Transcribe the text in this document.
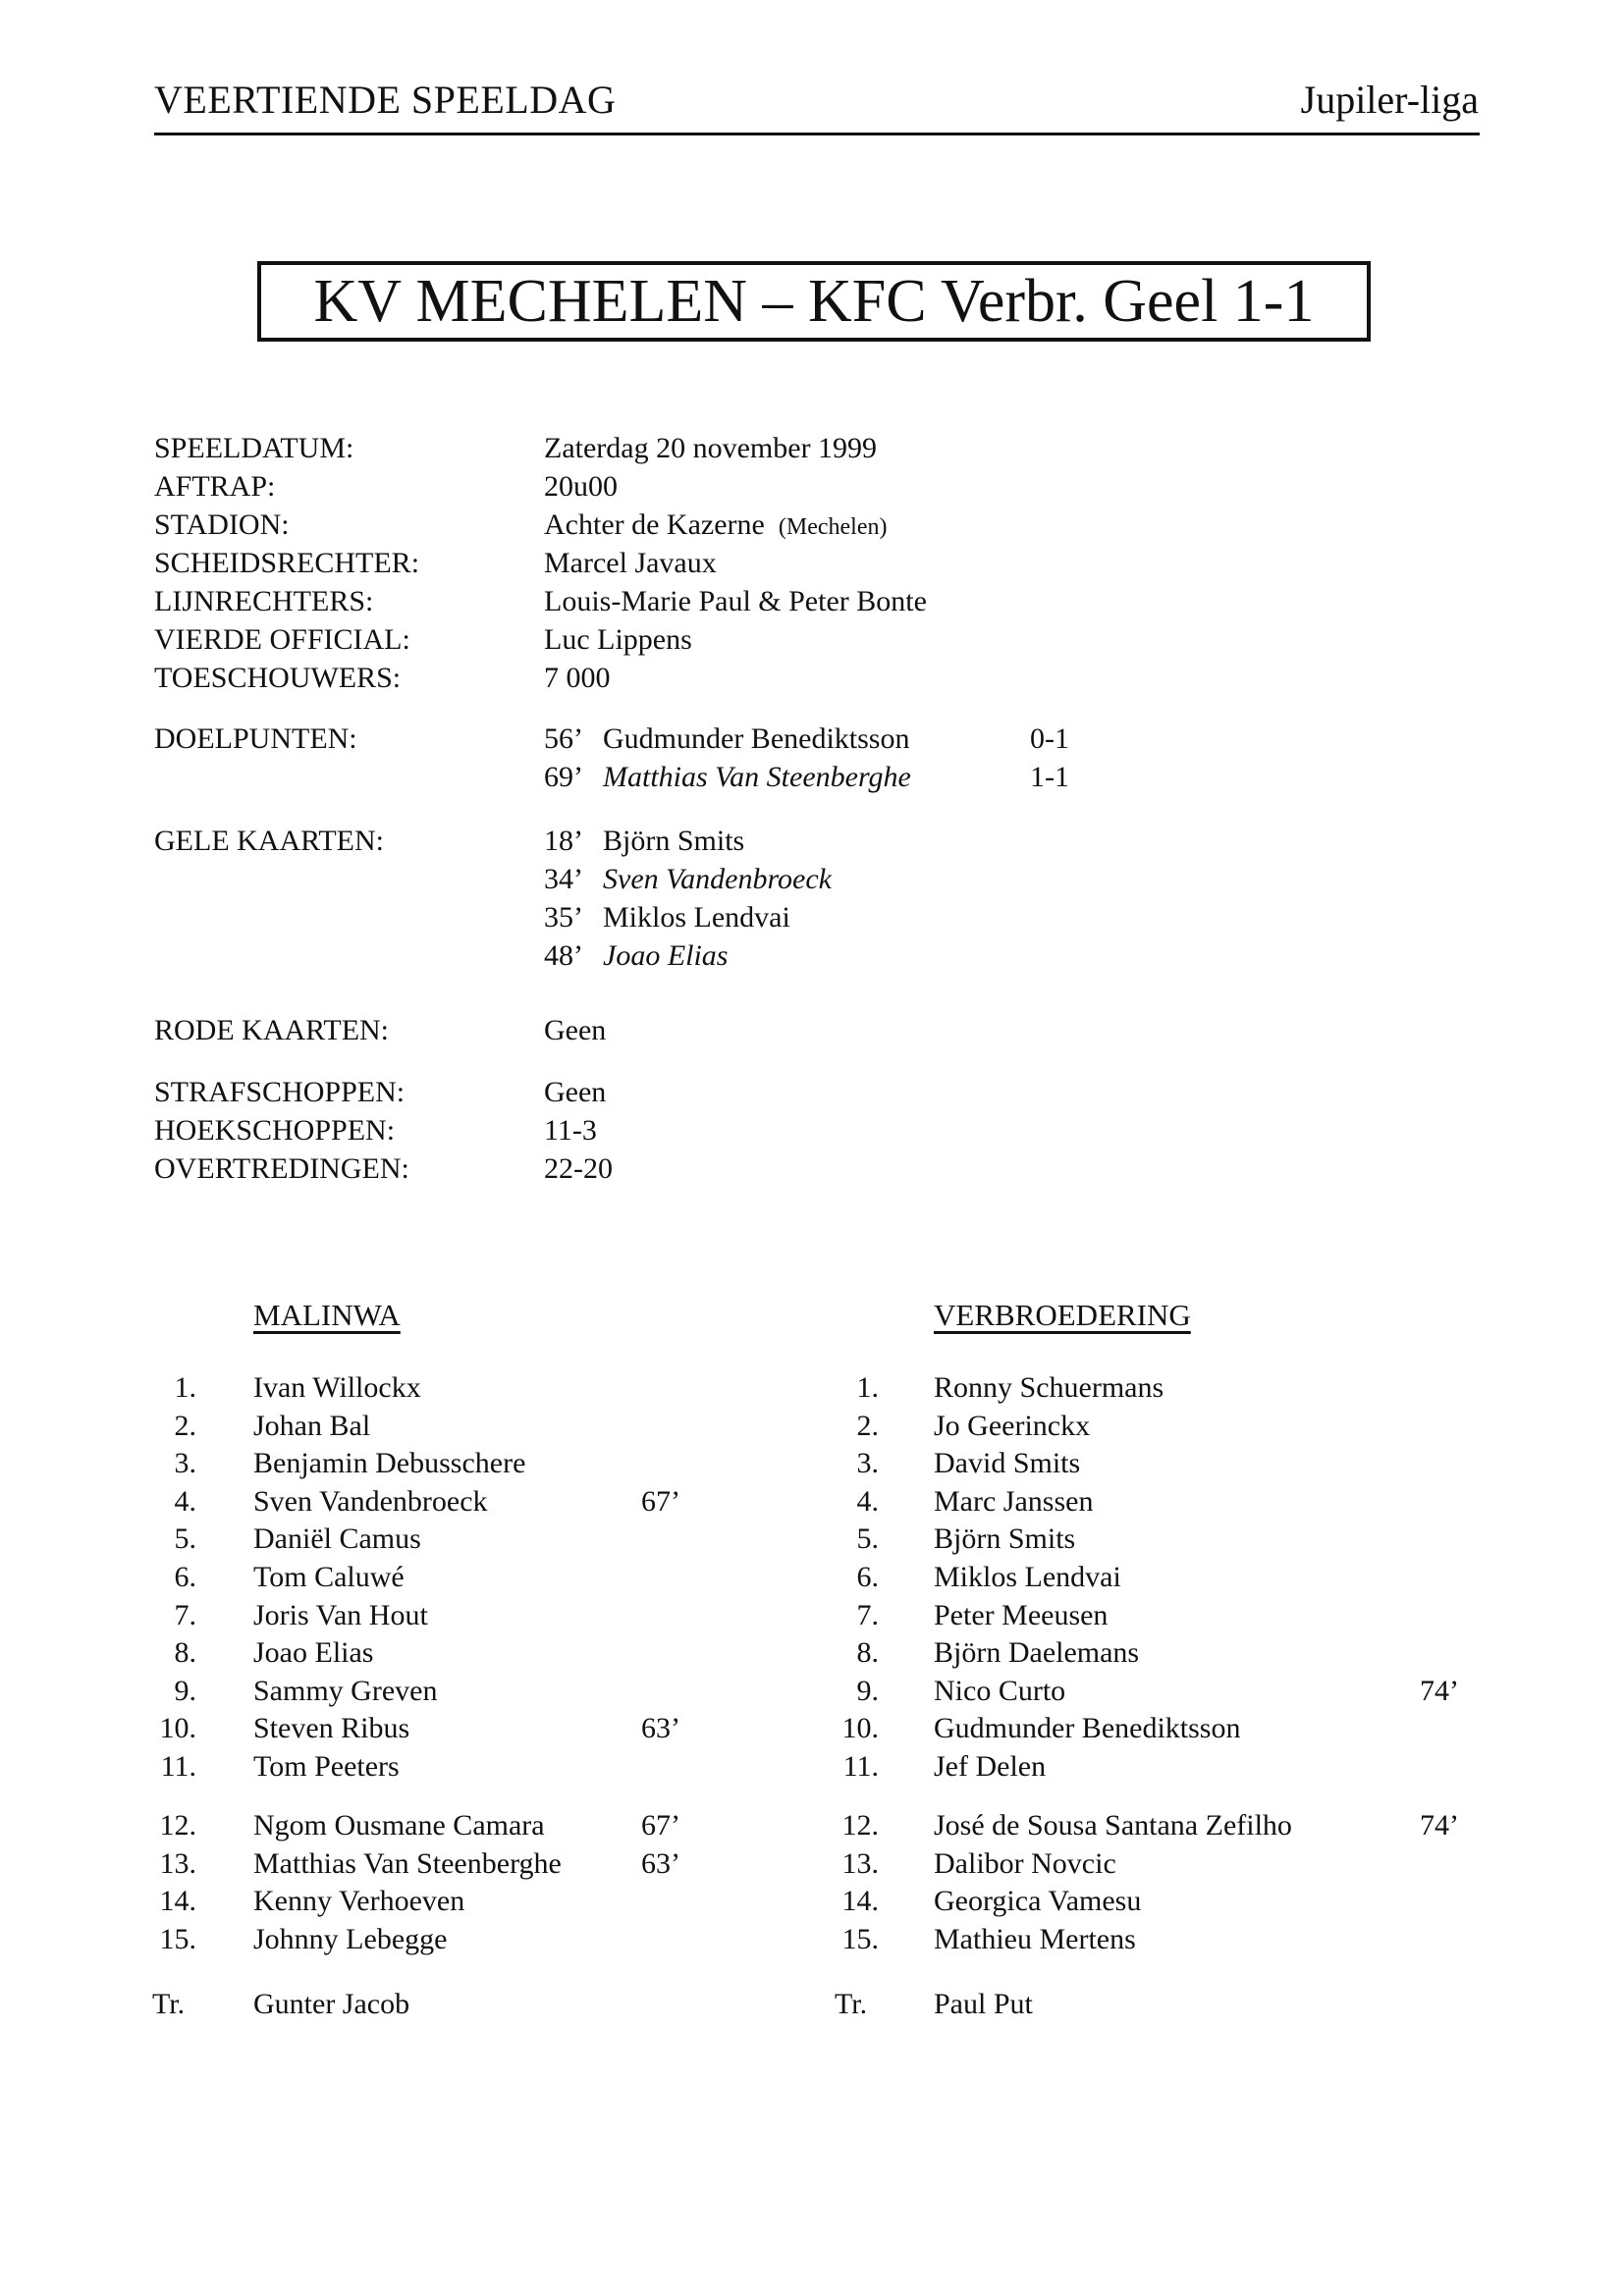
VEERTIENDE SPEELDAG	Jupiler-liga
KV MECHELEN – KFC Verbr. Geel 1-1
SPEELDATUM:	Zaterdag 20 november 1999
AFTRAP:	20u00
STADION:	Achter de Kazerne (Mechelen)
SCHEIDSRECHTER:	Marcel Javaux
LIJNRECHTERS:	Louis-Marie Paul & Peter Bonte
VIERDE OFFICIAL:	Luc Lippens
TOESCHOUWERS:	7 000
DOELPUNTEN:	56’ Gudmunder Benediktsson	0-1
69’ Matthias Van Steenberghe	1-1
GELE KAARTEN:	18’ Björn Smits
34’ Sven Vandenbroeck
35’ Miklos Lendvai
48’ Joao Elias
RODE KAARTEN:	Geen
STRAFSCHOPPEN:	Geen
HOEKSCHOPPEN:	11-3
OVERTREDINGEN:	22-20
MALINWA	VERBROEDERING
1. Ivan Willockx
2. Johan Bal
3. Benjamin Debusschere
4. Sven Vandenbroeck	67’
5. Daniël Camus
6. Tom Caluwé
7. Joris Van Hout
8. Joao Elias
9. Sammy Greven
10. Steven Ribus	63’
11. Tom Peeters
12. Ngom Ousmane Camara	67’
13. Matthias Van Steenberghe	63’
14. Kenny Verhoeven
15. Johnny Lebegge
Tr.	Gunter Jacob
1. Ronny Schuermans
2. Jo Geerinckx
3. David Smits
4. Marc Janssen
5. Björn Smits
6. Miklos Lendvai
7. Peter Meeusen
8. Björn Daelemans
9. Nico Curto	74’
10. Gudmunder Benediktsson
11. Jef Delen
12. José de Sousa Santana Zefilho	74’
13. Dalibor Novcic
14. Georgica Vamesu
15. Mathieu Mertens
Tr.	Paul Put
